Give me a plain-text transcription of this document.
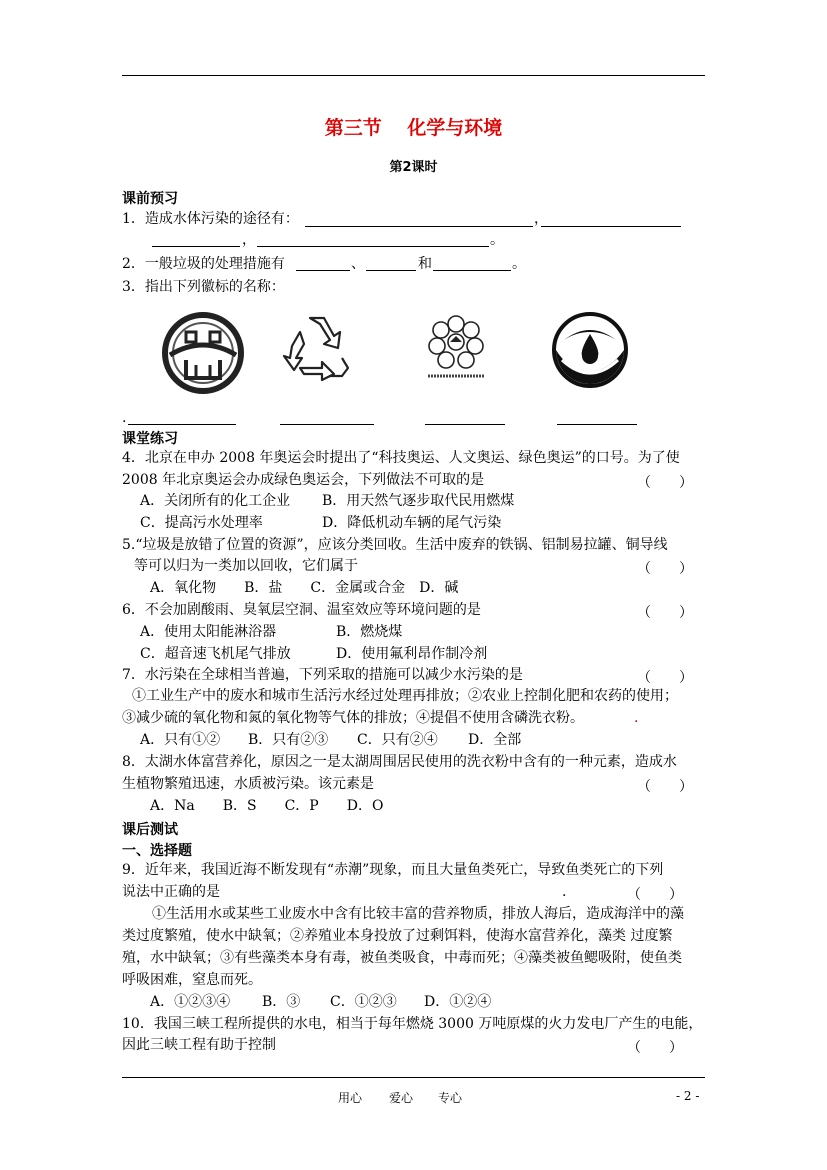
第三节　 化学与环境
第2课时
课前预习
1．造成水体污染的途径有：	，
，	。
2．一般垃圾的处理措施有	、	和	。
3．指出下列徽标的名称：
.
课堂练习
4．北京在申办 2008 年奥运会时提出了“科技奥运、人文奥运、绿色奥运”的口号。为了使
2008 年北京奥运会办成绿色奥运会，下列做法不可取的是	（　　）
A．关闭所有的化工企业 B．用天然气逐步取代民用燃煤
C．提高污水处理率	D．降低机动车辆的尾气污染
5.“垃圾是放错了位置的资源”，应该分类回收。生活中废弃的铁锅、铝制易拉罐、铜导线
等可以归为一类加以回收，它们属于	（　　）
A．氧化物　　B．盐　　C．金属或合金　D．碱
6．不会加剧酸雨、臭氧层空洞、温室效应等环境问题的是	（　　）
A．使用太阳能淋浴器	B．燃烧煤
C．超音速飞机尾气排放	D．使用氟利昂作制冷剂
7．水污染在全球相当普遍，下列采取的措施可以减少水污染的是	（　　）
①工业生产中的废水和城市生活污水经过处理再排放；②农业上控制化肥和农药的使用；
③减少硫的氧化物和氮的氧化物等气体的排放；④提倡不使用含磷洗衣粉。	.
A．只有①② B．只有②③ C．只有②④ D．全部
8．太湖水体富营养化，原因之一是太湖周围居民使用的洗衣粉中含有的一种元素，造成水
生植物繁殖迅速，水质被污染。该元素是	（　　）
A．Na　　B．S　　C．P　　D．O
课后测试
一、选择题
9．近年来，我国近海不断发现有“赤潮”现象，而且大量鱼类死亡，导致鱼类死亡的下列
说法中正确的是	.	（　　）
①生活用水或某些工业废水中含有比较丰富的营养物质，排放人海后，造成海洋中的藻
类过度繁殖，使水中缺氧；②养殖业本身投放了过剩饵料，使海水富营养化，藻类 过度繁
殖，水中缺氧；③有些藻类本身有毒，被鱼类吸食，中毒而死；④藻类被鱼鳃吸附，使鱼类
呼吸困难，窒息而死。
A．①②③④ B．③ C．①②③ D．①②④
10．我国三峡工程所提供的水电，相当于每年燃烧 3000 万吨原煤的火力发电厂产生的电能，
因此三峡工程有助于控制	（　　）
用心 爱心 专心	- 2 -
